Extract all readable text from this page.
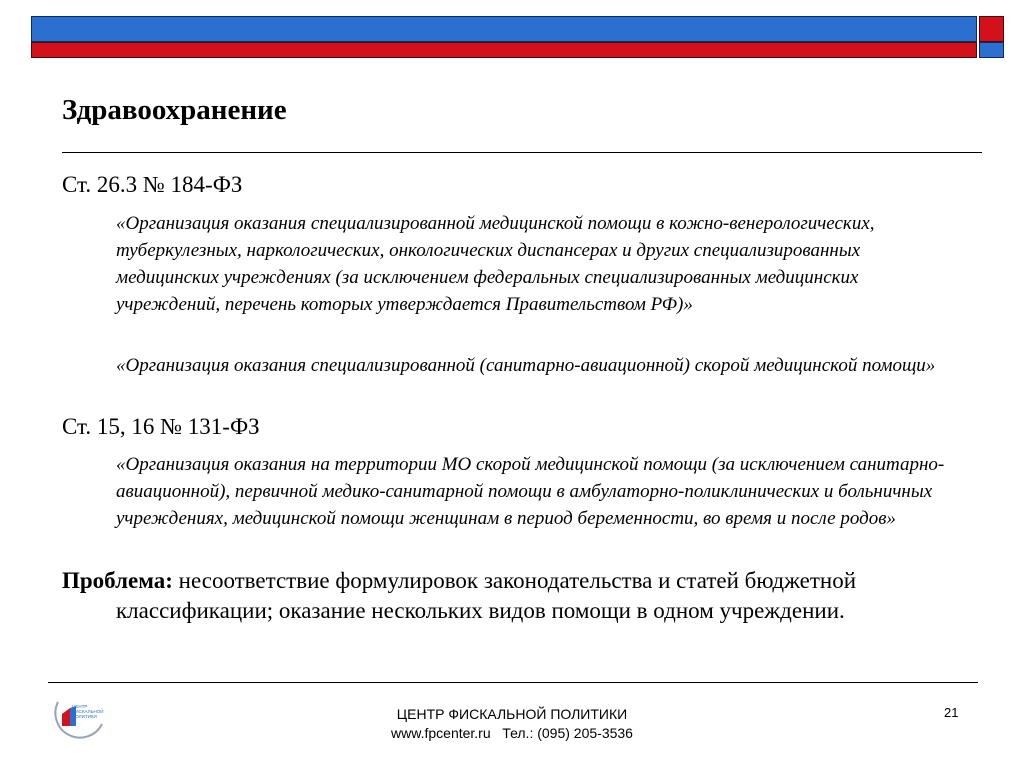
Здравоохранение
Ст. 26.3 № 184-ФЗ
«Организация оказания специализированной медицинской помощи в кожно-венерологических, туберкулезных, наркологических, онкологических диспансерах и других специализированных медицинских учреждениях (за исключением федеральных специализированных медицинских учреждений, перечень которых утверждается Правительством РФ)»
«Организация оказания специализированной (санитарно-авиационной) скорой медицинской помощи»
Ст. 15, 16 № 131-ФЗ
«Организация оказания на территории МО скорой медицинской помощи (за исключением санитарно-авиационной), первичной медико-санитарной помощи в амбулаторно-поликлинических и больничных учреждениях, медицинской помощи женщинам в период беременности, во время и после родов»
Проблема: несоответствие формулировок законодательства и статей бюджетной
классификации; оказание нескольких видов помощи в одном учреждении.
ЦЕНТР
ФИСКАЛЬНОЙ
ПОЛИТИКИ	ЦЕНТР ФИСКАЛЬНОЙ ПОЛИТИКИ
www.fpcenter.ru   Тел.: (095) 205-3536
21
